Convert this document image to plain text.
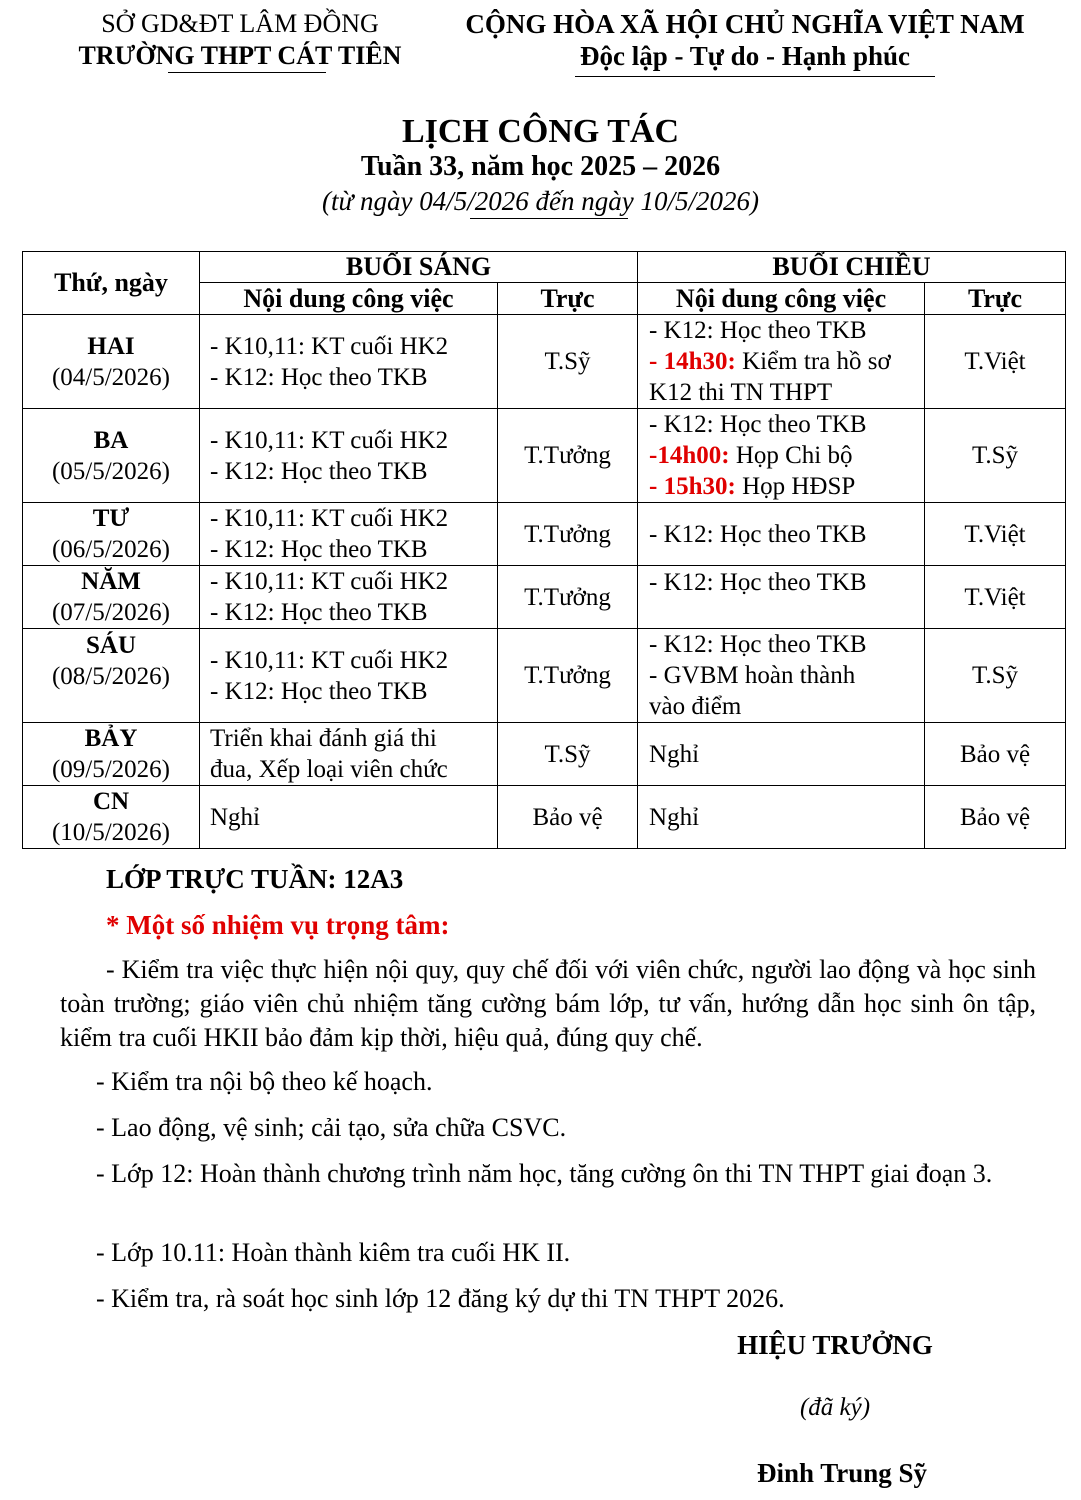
SỞ GD&ĐT LÂM ĐỒNG
TRƯỜNG THPT CÁT TIÊN
CỘNG HÒA XÃ HỘI CHỦ NGHĨA VIỆT NAM
Độc lập - Tự do - Hạnh phúc
LỊCH CÔNG TÁC
Tuần 33, năm học 2025 – 2026
(từ ngày 04/5/2026 đến ngày 10/5/2026)
Thứ, ngày	BUỔI SÁNG		BUỔI CHIỀU	
	Nội dung công việc	Trực	Nội dung công việc	Trực

HAI
(04/5/2026)	- K10,11: KT cuối HK2
- K12: Học theo TKB	T.Sỹ	- K12: Học theo TKB
- 14h30: Kiểm tra hồ sơ
K12 thi TN THPT	T.Việt

BA
(05/5/2026)	- K10,11: KT cuối HK2
- K12: Học theo TKB	T.Tưởng	- K12: Học theo TKB
-14h00: Họp Chi bộ
- 15h30: Họp HĐSP	T.Sỹ

TƯ
(06/5/2026)	- K10,11: KT cuối HK2
- K12: Học theo TKB	T.Tưởng	- K12: Học theo TKB	T.Việt

NĂM
(07/5/2026)	- K10,11: KT cuối HK2
- K12: Học theo TKB	T.Tưởng	- K12: Học theo TKB	T.Việt

SÁU
(08/5/2026)	- K10,11: KT cuối HK2
- K12: Học theo TKB	T.Tưởng	- K12: Học theo TKB
- GVBM hoàn thành
vào điểm	T.Sỹ

BẢY
(09/5/2026)	Triển khai đánh giá thi
đua, Xếp loại viên chức	T.Sỹ	Nghỉ	Bảo vệ

CN
(10/5/2026)	Nghỉ	Bảo vệ	Nghỉ	Bảo vệ
LỚP TRỰC TUẦN: 12A3
* Một số nhiệm vụ trọng tâm:
- Kiểm tra việc thực hiện nội quy, quy chế đối với viên chức, người lao động và học sinh toàn trường; giáo viên chủ nhiệm tăng cường bám lớp, tư vấn, hướng dẫn học sinh ôn tập, kiểm tra cuối HKII bảo đảm kịp thời, hiệu quả, đúng quy chế.
- Kiểm tra nội bộ theo kế hoạch.
- Lao động, vệ sinh; cải tạo, sửa chữa CSVC.
- Lớp 12: Hoàn thành chương trình năm học, tăng cường ôn thi TN THPT giai đoạn 3.
- Lớp 10.11: Hoàn thành kiêm tra cuối HK II.
- Kiểm tra, rà soát học sinh lớp 12 đăng ký dự thi TN THPT 2026.
HIỆU TRƯỞNG
(đã ký)
Đinh Trung Sỹ
